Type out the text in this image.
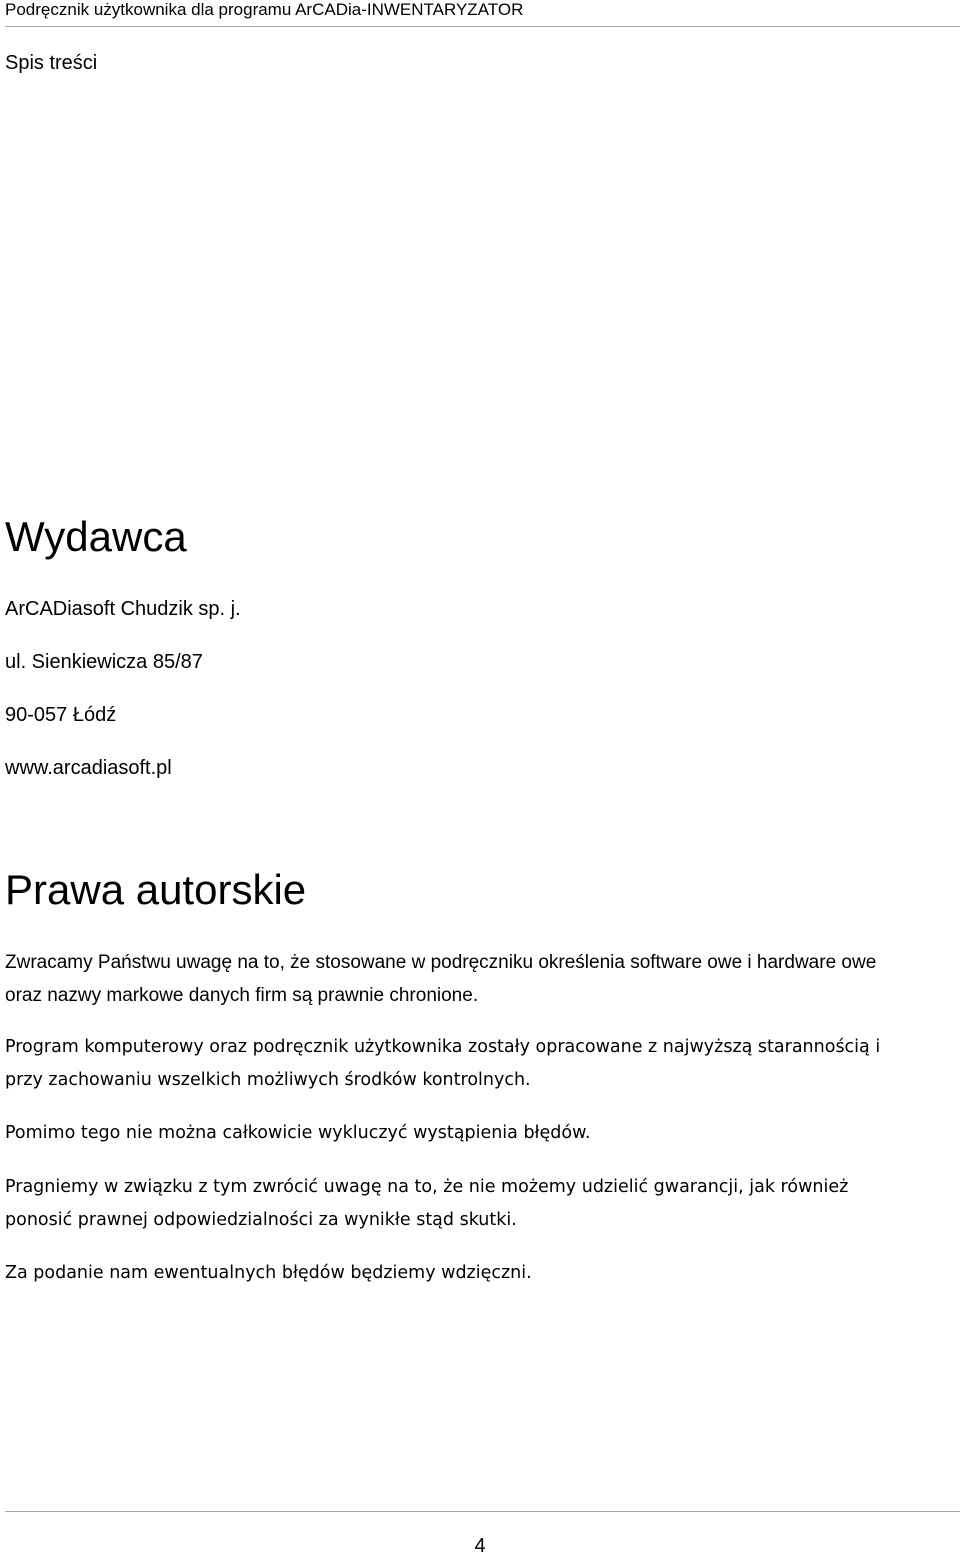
Podręcznik użytkownika dla programu ArCADia-INWENTARYZATOR
Spis treści
Wydawca
ArCADiasoft Chudzik sp. j.
ul. Sienkiewicza 85/87
90-057 Łódź
www.arcadiasoft.pl
Prawa autorskie

Zwracamy Państwu uwagę na to, że stosowane w podręczniku określenia software owe i hardware owe oraz nazwy markowe danych firm są prawnie chronione.

Program komputerowy oraz podręcznik użytkownika zostały opracowane z najwyższą starannością i przy zachowaniu wszelkich możliwych środków kontrolnych.

Pomimo tego nie można całkowicie wykluczyć wystąpienia błędów.

Pragniemy w związku z tym zwrócić uwagę na to, że nie możemy udzielić gwarancji, jak również ponosić prawnej odpowiedzialności za wynikłe stąd skutki.

Za podanie nam ewentualnych błędów będziemy wdzięczni.

4
